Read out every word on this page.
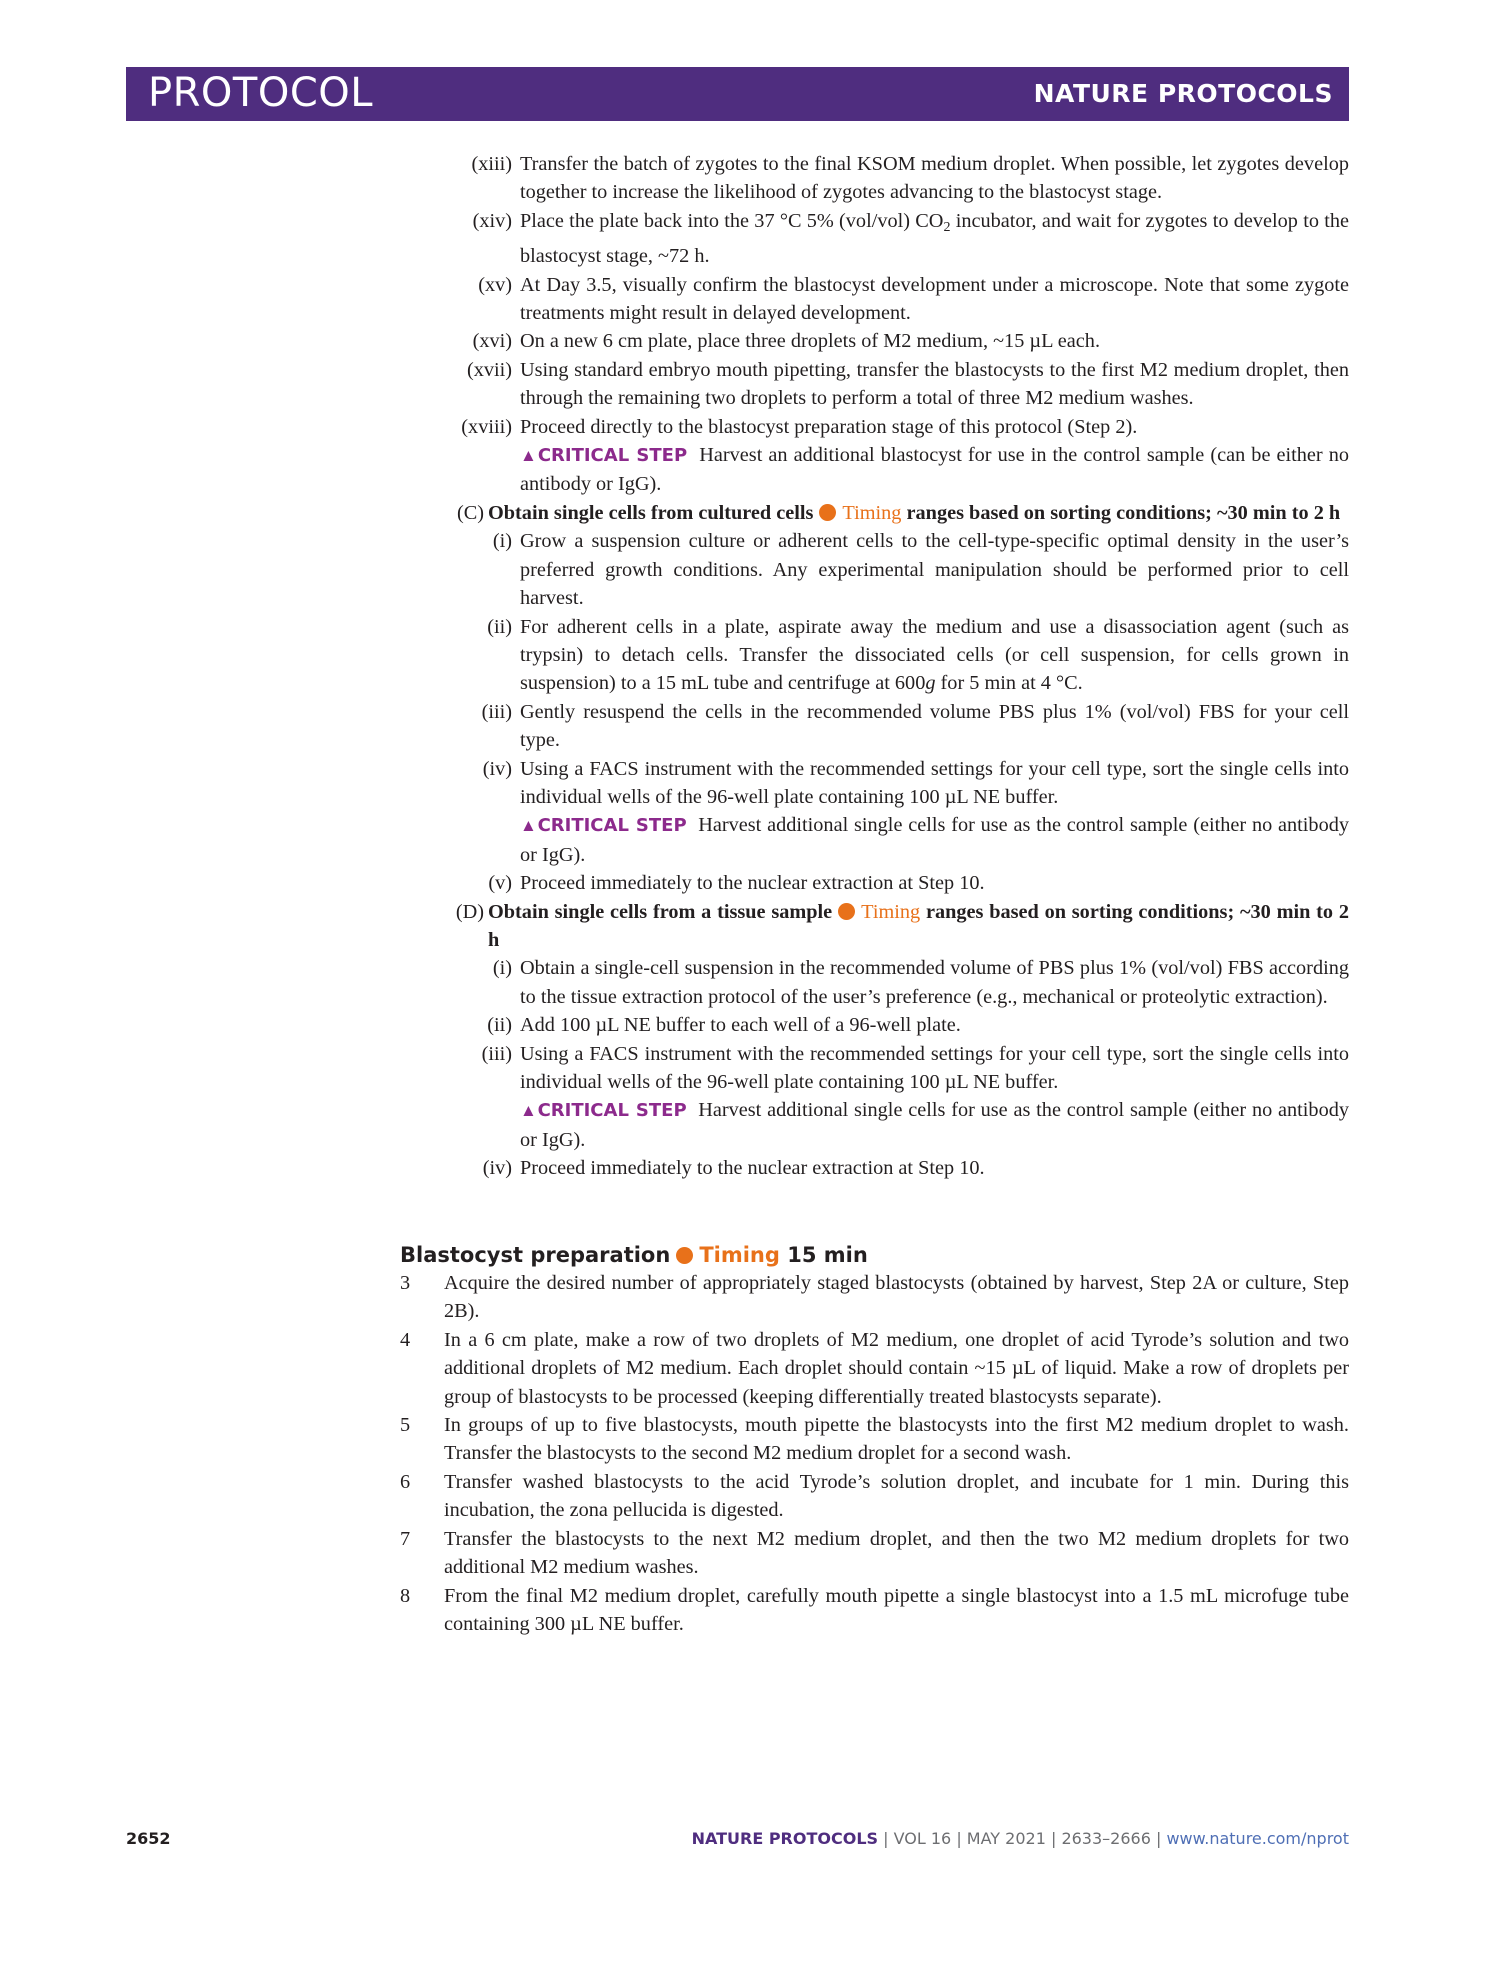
PROTOCOL	NATURE PROTOCOLS
(xiii) Transfer the batch of zygotes to the final KSOM medium droplet. When possible, let zygotes develop together to increase the likelihood of zygotes advancing to the blastocyst stage.
(xiv) Place the plate back into the 37 °C 5% (vol/vol) $CO_2$ incubator, and wait for zygotes to develop to the blastocyst stage, ~72 h.
(xv) At Day 3.5, visually confirm the blastocyst development under a microscope. Note that some zygote treatments might result in delayed development.
(xvi) On a new 6 cm plate, place three droplets of M2 medium, ~15 µL each.
(xvii) Using standard embryo mouth pipetting, transfer the blastocysts to the first M2 medium droplet, then through the remaining two droplets to perform a total of three M2 medium washes.
(xviii) Proceed directly to the blastocyst preparation stage of this protocol (Step 2).
▲CRITICAL STEP Harvest an additional blastocyst for use in the control sample (can be either no antibody or IgG).
(C) Obtain single cells from cultured cells Timing ranges based on sorting conditions; ~30 min to 2 h
(i) Grow a suspension culture or adherent cells to the cell-type-specific optimal density in the user’s preferred growth conditions. Any experimental manipulation should be performed prior to cell harvest.
(ii) For adherent cells in a plate, aspirate away the medium and use a disassociation agent (such as trypsin) to detach cells. Transfer the dissociated cells (or cell suspension, for cells grown in suspension) to a 15 mL tube and centrifuge at 600g for 5 min at 4 °C.
(iii) Gently resuspend the cells in the recommended volume PBS plus 1% (vol/vol) FBS for your cell type.
(iv) Using a FACS instrument with the recommended settings for your cell type, sort the single cells into individual wells of the 96-well plate containing 100 µL NE buffer.
▲CRITICAL STEP Harvest additional single cells for use as the control sample (either no antibody or IgG).
(v) Proceed immediately to the nuclear extraction at Step 10.
(D) Obtain single cells from a tissue sample Timing ranges based on sorting conditions; ~30 min to 2 h
(i) Obtain a single-cell suspension in the recommended volume of PBS plus 1% (vol/vol) FBS according to the tissue extraction protocol of the user’s preference (e.g., mechanical or proteolytic extraction).
(ii) Add 100 µL NE buffer to each well of a 96-well plate.
(iii) Using a FACS instrument with the recommended settings for your cell type, sort the single cells into individual wells of the 96-well plate containing 100 µL NE buffer.
▲CRITICAL STEP Harvest additional single cells for use as the control sample (either no antibody or IgG).
(iv) Proceed immediately to the nuclear extraction at Step 10.
Blastocyst preparation Timing 15 min
3 Acquire the desired number of appropriately staged blastocysts (obtained by harvest, Step 2A or culture, Step 2B).
4 In a 6 cm plate, make a row of two droplets of M2 medium, one droplet of acid Tyrode’s solution and two additional droplets of M2 medium. Each droplet should contain ~15 µL of liquid. Make a row of droplets per group of blastocysts to be processed (keeping differentially treated blastocysts separate).
5 In groups of up to five blastocysts, mouth pipette the blastocysts into the first M2 medium droplet to wash. Transfer the blastocysts to the second M2 medium droplet for a second wash.
6 Transfer washed blastocysts to the acid Tyrode’s solution droplet, and incubate for 1 min. During this incubation, the zona pellucida is digested.
7 Transfer the blastocysts to the next M2 medium droplet, and then the two M2 medium droplets for two additional M2 medium washes.
8 From the final M2 medium droplet, carefully mouth pipette a single blastocyst into a 1.5 mL microfuge tube containing 300 µL NE buffer.
2652	NATURE PROTOCOLS | VOL 16 | MAY 2021 | 2633–2666 | www.nature.com/nprot
